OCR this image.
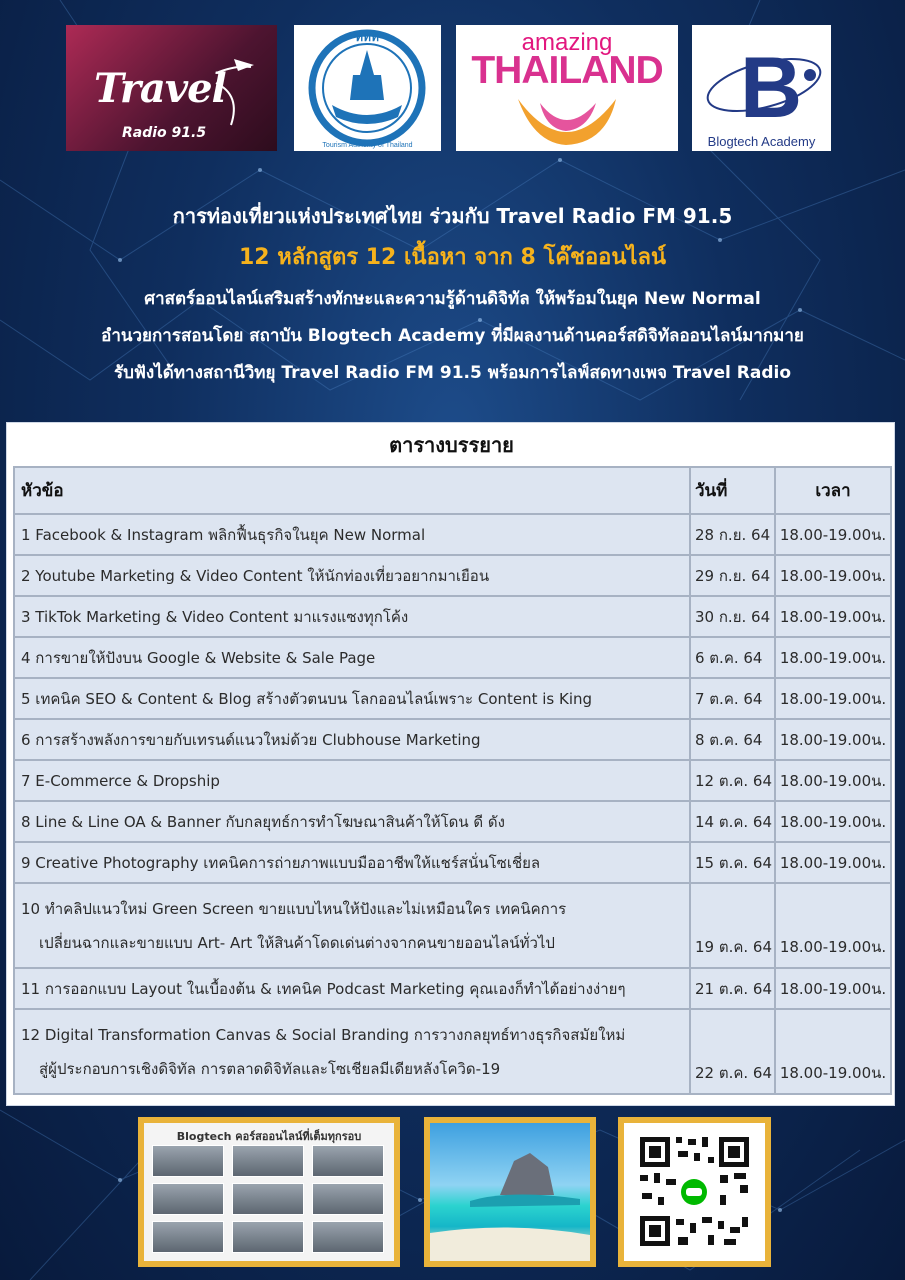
Travel
Radio 91.5
ททท
Tourism Authority of Thailand
amazing
THAILAND B
Blogtech Academy
การท่องเที่ยวแห่งประเทศไทย ร่วมกับ Travel Radio FM 91.5
12 หลักสูตร 12 เนื้อหา จาก 8 โค๊ชออนไลน์
ศาสตร์ออนไลน์เสริมสร้างทักษะและความรู้ด้านดิจิทัล ให้พร้อมในยุค New Normal
อำนวยการสอนโดย สถาบัน Blogtech Academy ที่มีผลงานด้านคอร์สดิจิทัลออนไลน์มากมาย
รับฟังได้ทางสถานีวิทยุ Travel Radio FM 91.5 พร้อมการไลฟ์สดทางเพจ Travel Radio
ตารางบรรยาย
หัวข้อ	วันที่	เวลา
1 Facebook & Instagram พลิกฟื้นธุรกิจในยุค New Normal	28 ก.ย. 64	18.00-19.00น.
2 Youtube Marketing & Video Content ให้นักท่องเที่ยวอยากมาเยือน	29 ก.ย. 64	18.00-19.00น.
3 TikTok Marketing & Video Content มาแรงแซงทุกโค้ง	30 ก.ย. 64	18.00-19.00น.
4 การขายให้ปังบน Google & Website & Sale Page	6 ต.ค. 64	18.00-19.00น.
5 เทคนิค SEO & Content & Blog สร้างตัวตนบน โลกออนไลน์เพราะ Content is King	7 ต.ค. 64	18.00-19.00น.
6 การสร้างพลังการขายกับเทรนด์แนวใหม่ด้วย Clubhouse Marketing	8 ต.ค. 64	18.00-19.00น.
7 E-Commerce & Dropship	12 ต.ค. 64	18.00-19.00น.
8 Line & Line OA & Banner กับกลยุทธ์การทำโฆษณาสินค้าให้โดน ดี ดัง	14 ต.ค. 64	18.00-19.00น.
9 Creative Photography เทคนิคการถ่ายภาพแบบมืออาชีพให้แชร์สนั่นโซเชี่ยล	15 ต.ค. 64	18.00-19.00น.

10 ทำคลิปแนวใหม่ Green Screen ขายแบบไหนให้ปังและไม่เหมือนใคร เทคนิคการ
เปลี่ยนฉากและขายแบบ Art- Art ให้สินค้าโดดเด่นต่างจากคนขายออนไลน์ทั่วไป	19 ต.ค. 64	18.00-19.00น.
11 การออกแบบ Layout ในเบื้องต้น & เทคนิค Podcast Marketing คุณเองก็ทำได้อย่างง่ายๆ	21 ต.ค. 64	18.00-19.00น.

12 Digital Transformation Canvas & Social Branding การวางกลยุทธ์ทางธุรกิจสมัยใหม่
สู่ผู้ประกอบการเชิงดิจิทัล การตลาดดิจิทัลและโซเชียลมีเดียหลังโควิด-19	22 ต.ค. 64	18.00-19.00น.
Blogtech คอร์สออนไลน์ที่เต็มทุกรอบ
